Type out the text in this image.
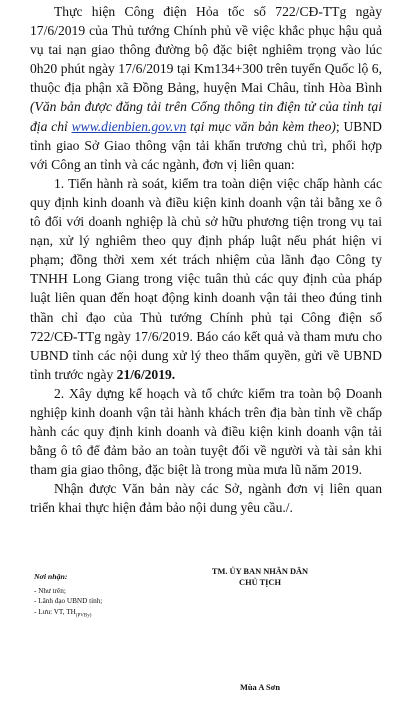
Thực hiện Công điện Hỏa tốc số 722/CĐ-TTg ngày 17/6/2019 của Thủ tướng Chính phủ về việc khắc phục hậu quả vụ tai nạn giao thông đường bộ đặc biệt nghiêm trọng vào lúc 0h20 phút ngày 17/6/2019 tại Km134+300 trên tuyến Quốc lộ 6, thuộc địa phận xã Đồng Bảng, huyện Mai Châu, tỉnh Hòa Bình (Văn bản được đăng tải trên Cổng thông tin điện tử của tỉnh tại địa chỉ www.dienbien.gov.vn tại mục văn bản kèm theo); UBND tỉnh giao Sở Giao thông vận tải khẩn trương chủ trì, phối hợp với Công an tỉnh và các ngành, đơn vị liên quan:

1. Tiến hành rà soát, kiểm tra toàn diện việc chấp hành các quy định kinh doanh và điều kiện kinh doanh vận tải bằng xe ô tô đối với doanh nghiệp là chủ sở hữu phương tiện trong vụ tai nạn, xử lý nghiêm theo quy định pháp luật nếu phát hiện vi phạm; đồng thời xem xét trách nhiệm của lãnh đạo Công ty TNHH Long Giang trong việc tuân thủ các quy định của pháp luật liên quan đến hoạt động kinh doanh vận tải theo đúng tinh thần chỉ đạo của Thủ tướng Chính phủ tại Công điện số 722/CĐ-TTg ngày 17/6/2019. Báo cáo kết quả và tham mưu cho UBND tỉnh các nội dung xử lý theo thẩm quyền, gửi về UBND tỉnh trước ngày 21/6/2019.

2. Xây dựng kế hoạch và tổ chức kiểm tra toàn bộ Doanh nghiệp kinh doanh vận tải hành khách trên địa bàn tỉnh về chấp hành các quy định kinh doanh và điều kiện kinh doanh vận tải bằng ô tô để đảm bảo an toàn tuyệt đối về người và tài sản khi tham gia giao thông, đặc biệt là trong mùa mưa lũ năm 2019.

Nhận được Văn bản này các Sở, ngành đơn vị liên quan triển khai thực hiện đảm bảo nội dung yêu cầu./.

Nơi nhận:
- Như trên;
- Lãnh đạo UBND tỉnh;
- Lưu: VT, $TH_{(PVBy)}$
TM. ỦY BAN NHÂN DÂN
CHỦ TỊCH
Mùa A Sơn
